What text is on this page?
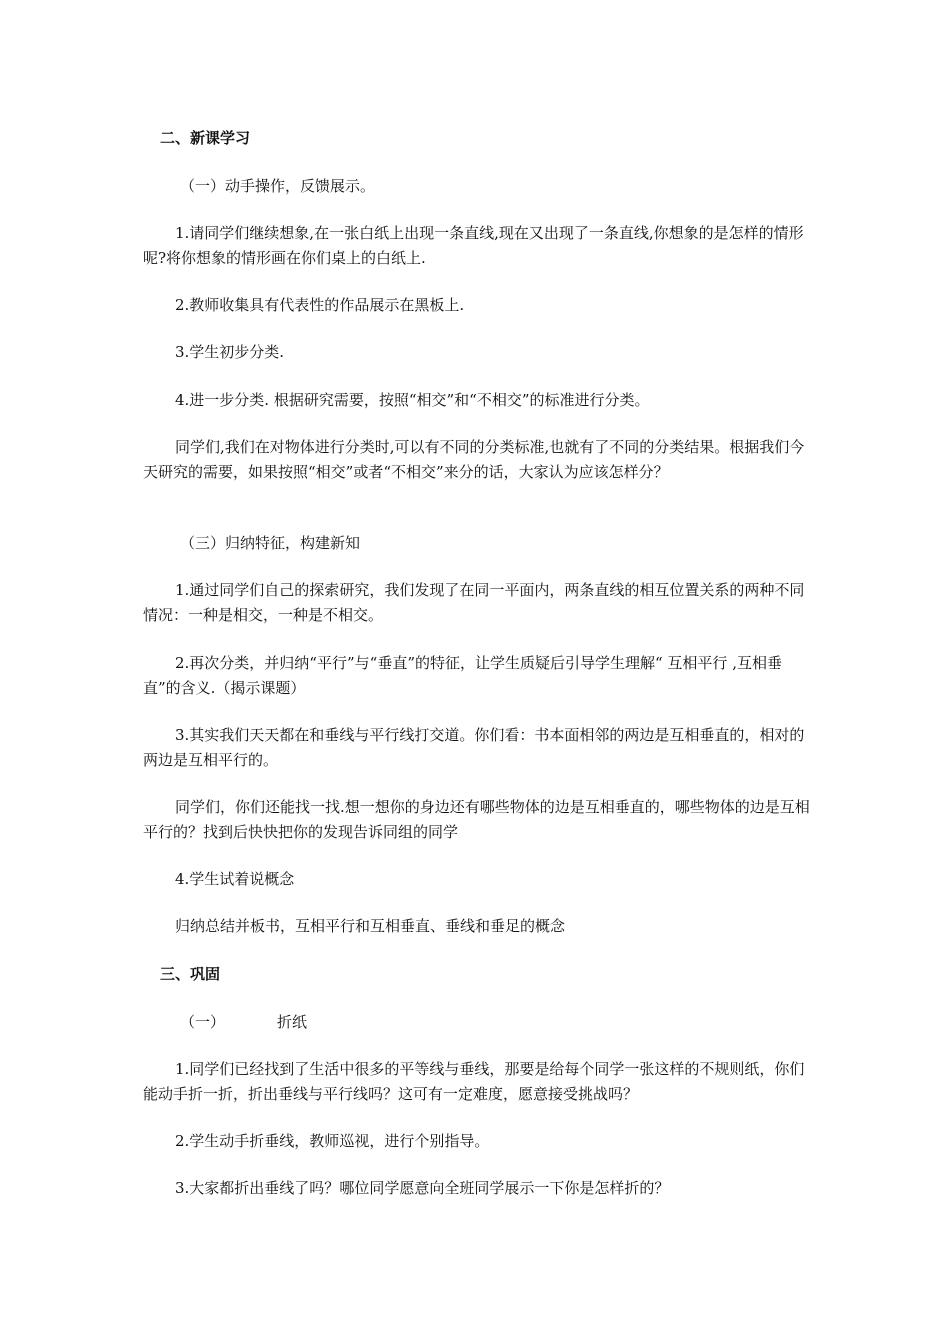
二、新课学习

（一）动手操作，反馈展示。

1.请同学们继续想象,在一张白纸上出现一条直线,现在又出现了一条直线,你想象的是怎样的情形呢?将你想象的情形画在你们桌上的白纸上.

2.教师收集具有代表性的作品展示在黑板上.

3.学生初步分类.

4.进一步分类. 根据研究需要，按照“相交”和“不相交”的标准进行分类。

同学们,我们在对物体进行分类时,可以有不同的分类标准,也就有了不同的分类结果。根据我们今天研究的需要，如果按照“相交”或者“不相交”来分的话，大家认为应该怎样分？

（三）归纳特征，构建新知

1.通过同学们自己的探索研究，我们发现了在同一平面内，两条直线的相互位置关系的两种不同情况：一种是相交，一种是不相交。

2.再次分类，并归纳“平行”与“垂直”的特征，让学生质疑后引导学生理解“ 互相平行 ,互相垂直”的含义.（揭示课题）

3.其实我们天天都在和垂线与平行线打交道。你们看：书本面相邻的两边是互相垂直的，相对的两边是互相平行的。

同学们，你们还能找一找.想一想你的身边还有哪些物体的边是互相垂直的，哪些物体的边是互相平行的？找到后快快把你的发现告诉同组的同学

4.学生试着说概念

归纳总结并板书，互相平行和互相垂直、垂线和垂足的概念

三、巩固

（一）	折纸

1.同学们已经找到了生活中很多的平等线与垂线，那要是给每个同学一张这样的不规则纸，你们能动手折一折，折出垂线与平行线吗？这可有一定难度，愿意接受挑战吗？

2.学生动手折垂线，教师巡视，进行个别指导。

3.大家都折出垂线了吗？哪位同学愿意向全班同学展示一下你是怎样折的？
